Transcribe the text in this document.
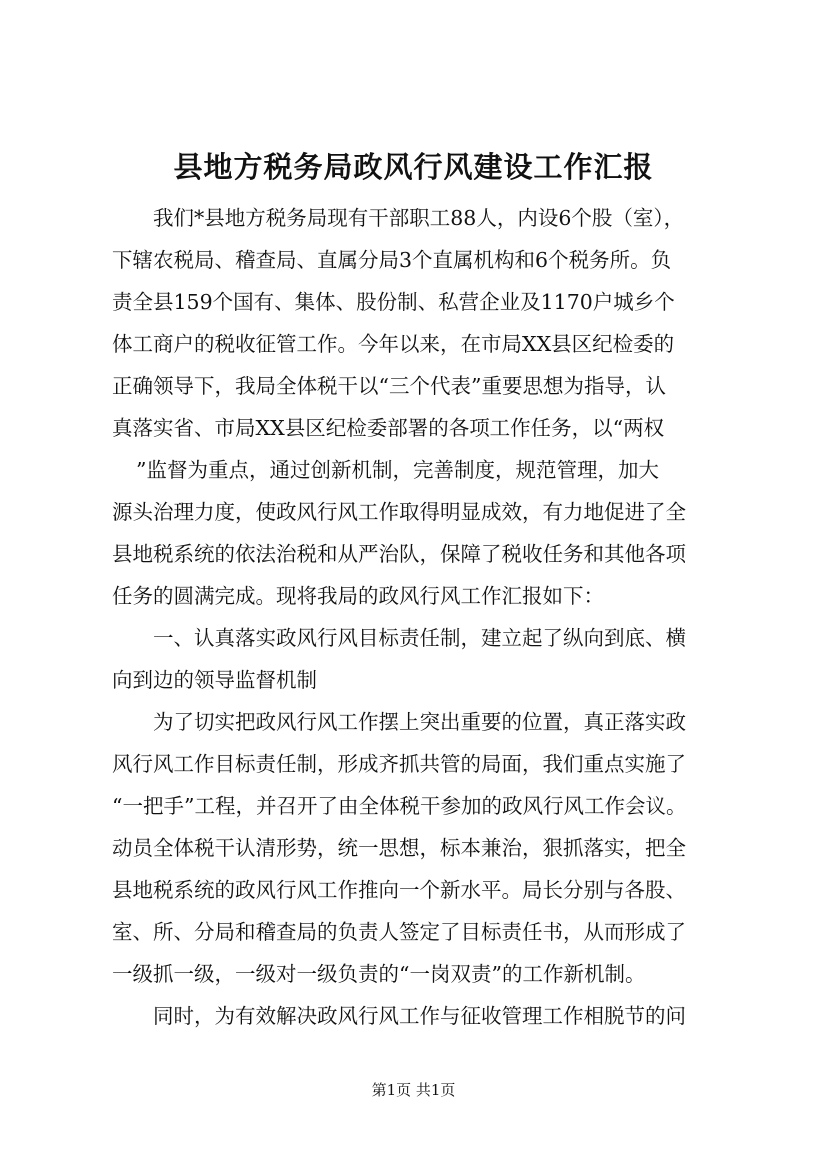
县地方税务局政风行风建设工作汇报
我们*县地方税务局现有干部职工88人，内设6个股（室），
下辖农税局、稽查局、直属分局3个直属机构和6个税务所。负
责全县159个国有、集体、股份制、私营企业及1170户城乡个
体工商户的税收征管工作。今年以来，在市局XX县区纪检委的
正确领导下，我局全体税干以“三个代表”重要思想为指导，认
真落实省、市局XX县区纪检委部署的各项工作任务，以“两权
”监督为重点，通过创新机制，完善制度，规范管理，加大
源头治理力度，使政风行风工作取得明显成效，有力地促进了全
县地税系统的依法治税和从严治队，保障了税收任务和其他各项
任务的圆满完成。现将我局的政风行风工作汇报如下：
一、认真落实政风行风目标责任制，建立起了纵向到底、横
向到边的领导监督机制
为了切实把政风行风工作摆上突出重要的位置，真正落实政
风行风工作目标责任制，形成齐抓共管的局面，我们重点实施了
“一把手”工程，并召开了由全体税干参加的政风行风工作会议。
动员全体税干认清形势，统一思想，标本兼治，狠抓落实，把全
县地税系统的政风行风工作推向一个新水平。局长分别与各股、
室、所、分局和稽查局的负责人签定了目标责任书，从而形成了
一级抓一级，一级对一级负责的“一岗双责”的工作新机制。
同时，为有效解决政风行风工作与征收管理工作相脱节的问
第1页 共1页
